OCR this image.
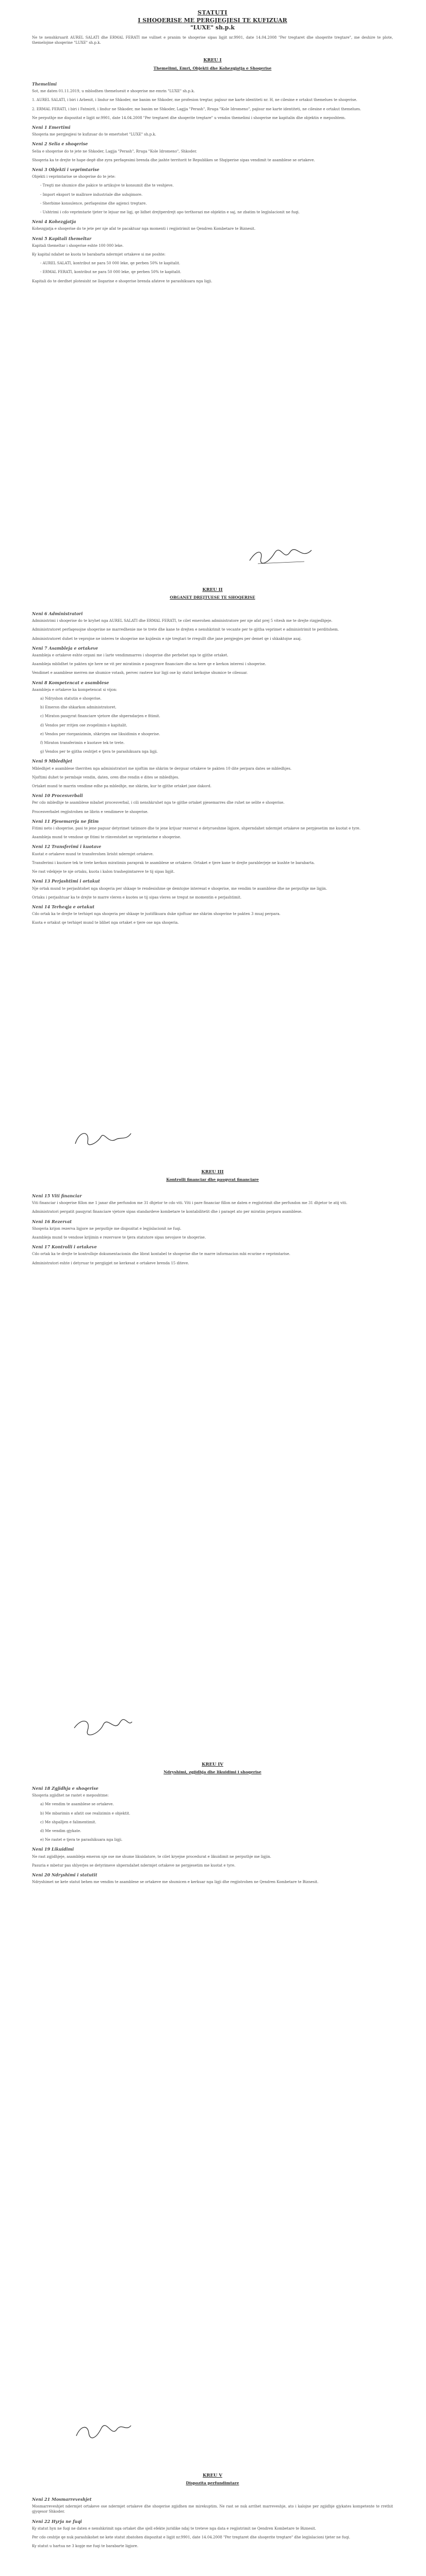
STATUTI
I SHOQERISE ME PERGJEGJESI TE KUFIZUAR
"LUXE" sh.p.k

Ne te nenshkruarit AUREL SALATI dhe ERMAL FERATI me vullnet e pranim te shoqerise sipas ligjit nr.9901, date 14.04.2008 "Per tregtaret dhe shoqerite tregtare", me deshire te plote, themelojme shoqerine "LUXE" sh.p.k.

KREU I
Themelimi, Emri, Objekti dhe Kohezgjatja e Shoqerise
Themelimi

Sot, me daten 01.11.2019, u mblodhen themeluesit e shoqerise me emrin "LUXE" sh.p.k.

1. AUREL SALATI, i biri i Arbenit, i lindur ne Shkoder, me banim ne Shkoder, me profesion tregtar, pajisur me karte identiteti nr. H, ne cilesine e ortakut themelues te shoqerise.

2. ERMAL FERATI, i biri i Fatmirit, i lindur ne Shkoder, me banim ne Shkoder, Lagjja "Perash", Rruga "Kole Idromeno", pajisur me karte identiteti, ne cilesine e ortakut themelues.

Ne perputhje me dispozitat e ligjit nr.9901, date 14.04.2008 "Per tregtaret dhe shoqerite tregtare" u vendos themelimi i shoqerise me kapitalin dhe objektin e meposhtem.

Neni 1 Emertimi

Shoqeria me pergjegjesi te kufizuar do te emertohet "LUXE" sh.p.k.

Neni 2 Selia e shoqerise

Selia e shoqerise do te jete ne Shkoder, Lagjja "Perash", Rruga "Kole Idromeno", Shkoder.

Shoqeria ka te drejte te hape degë dhe zyra perfaqesimi brenda dhe jashte territorit te Republikes se Shqiperise sipas vendimit te asamblese se ortakeve.

Neni 3 Objekti i veprimtarise

Objekti i veprimtarise se shoqerise do te jete:

- Tregti me shumice dhe pakice te artikujve te konsumit dhe te veshjeve.

- Import eksport te mallrave industriale dhe ushqimore.

- Sherbime konsulence, perfaqesime dhe agjenci tregtare.

- Ushtrimi i cdo veprimtarie tjeter te lejuar me ligj, qe lidhet drejtperdrejt apo terthorazi me objektin e saj, ne zbatim te legjislacionit ne fuqi.

Neni 4 Kohezgjatja

Kohezgjatja e shoqerise do te jete per nje afat te pacaktuar nga momenti i regjistrimit ne Qendren Kombetare te Biznesit.

Neni 5 Kapitali themeltar

Kapitali themeltar i shoqerise eshte 100 000 leke.

Ky kapital ndahet ne kuota te barabarta ndermjet ortakeve si me poshte:

- AUREL SALATI, kontribut ne para 50 000 leke, qe perben 50% te kapitalit.

- ERMAL FERATI, kontribut ne para 50 000 leke, qe perben 50% te kapitalit.

Kapitali do te derdhet plotesisht ne llogarine e shoqerise brenda afateve te parashikuara nga ligji.

KREU II
ORGANET DREJTUESE TE SHOQERISE
Neni 6 Administratori

Administrimi i shoqerise do te kryhet nga AUREL SALATI dhe ERMAL FERATI, te cilet emerohen administratore per nje afat prej 5 vitesh me te drejte rizgjedhjeje.

Administratoret perfaqesojne shoqerine ne marredhenie me te trete dhe kane te drejten e nenshkrimit te vecante per te gjitha veprimet e administrimit te perditshem.

Administratoret duhet te veprojne ne interes te shoqerise me kujdesin e nje tregtari te rregullt dhe jane pergjegjes per demet qe i shkaktojne asaj.

Neni 7 Asambleja e ortakeve

Asambleja e ortakeve eshte organi me i larte vendimmarres i shoqerise dhe perbehet nga te gjithe ortaket.

Asambleja mblidhet te pakten nje here ne vit per miratimin e pasqyrave financiare dhe sa here qe e kerkon interesi i shoqerise.

Vendimet e asamblese merren me shumice votash, pervec rasteve kur ligji ose ky statut kerkojne shumice te cilesuar.

Neni 8 Kompetencat e asamblese

Asambleja e ortakeve ka kompetencat si vijon:

a) Ndryshon statutin e shoqerise.

b) Emeron dhe shkarkon administratoret.

c) Miraton pasqyrat financiare vjetore dhe shperndarjen e fitimit.

d) Vendos per rritjen ose zvogelimin e kapitalit.

e) Vendos per riorganizimin, shkrirjen ose likuidimin e shoqerise.

f) Miraton transferimin e kuotave tek te trete.

g) Vendos per te gjitha ceshtjet e tjera te parashikuara nga ligji.

Neni 9 Mbledhjet

Mbledhjet e asamblese therriten nga administratori me njoftim me shkrim te derguar ortakeve te pakten 10 dite perpara dates se mbledhjes.

Njoftimi duhet te permbaje vendin, daten, oren dhe rendin e dites se mbledhjes.

Ortaket mund te marrin vendime edhe pa mbledhje, me shkrim, kur te gjithe ortaket jane dakord.

Neni 10 Procesverbali

Per cdo mbledhje te asamblese mbahet procesverbal, i cili nenshkruhet nga te gjithe ortaket pjesemarres dhe ruhet ne selite e shoqerise.

Procesverbalet regjistrohen ne librin e vendimeve te shoqerise.

Neni 11 Pjesemarrja ne fitim

Fitimi neto i shoqerise, pasi te jene paguar detyrimet tatimore dhe te jene krijuar rezervat e detyrueshme ligjore, shperndahet ndermjet ortakeve ne perpjesetim me kuotat e tyre.

Asambleja mund te vendose qe fitimi te riinvestohet ne veprimtarine e shoqerise.

Neni 12 Transferimi i kuotave

Kuotat e ortakeve mund te transferohen lirisht ndermjet ortakeve.

Transferimi i kuotave tek te trete kerkon miratimin paraprak te asamblese se ortakeve. Ortaket e tjere kane te drejte parablerjeje ne kushte te barabarta.

Ne rast vdekjeje te nje ortaku, kuota i kalon trashegimtareve te tij sipas ligjit.

Neni 13 Perjashtimi i ortakut

Nje ortak mund te perjashtohet nga shoqeria per shkaqe te rendesishme qe demtojne interesat e shoqerise, me vendim te asamblese dhe ne perputhje me ligjin.

Ortaku i perjashtuar ka te drejte te marre vleren e kuotes se tij sipas vleres se tregut ne momentin e perjashtimit.

Neni 14 Terheqja e ortakut

Cdo ortak ka te drejte te terhiqet nga shoqeria per shkaqe te justifikuara duke njoftuar me shkrim shoqerine te pakten 3 muaj perpara.

Kuota e ortakut qe terhiqet mund te blihet nga ortaket e tjere ose nga shoqeria.

KREU III
Kontrolli financiar dhe pasqyrat financiare
Neni 15 Viti financiar

Viti financiar i shoqerise fillon me 1 janar dhe perfundon me 31 dhjetor te cdo viti. Viti i pare financiar fillon ne daten e regjistrimit dhe perfundon me 31 dhjetor te atij viti.

Administratori pergatit pasqyrat financiare vjetore sipas standardeve kombetare te kontabilitetit dhe i paraqet ato per miratim perpara asamblese.

Neni 16 Rezervat

Shoqeria krijon rezerva ligjore ne perputhje me dispozitat e legjislacionit ne fuqi.

Asambleja mund te vendose krijimin e rezervave te tjera statutore sipas nevojave te shoqerise.

Neni 17 Kontrolli i ortakeve

Cdo ortak ka te drejte te kontrolloje dokumentacionin dhe librat kontabel te shoqerise dhe te marre informacion mbi ecurine e veprimtarise.

Administratori eshte i detyruar te pergjigjet ne kerkesat e ortakeve brenda 15 diteve.

KREU IV
Ndryshimi, zgjidhja dhe likuidimi i shoqerise
Neni 18 Zgjidhja e shoqerise

Shoqeria zgjidhet ne rastet e meposhtme:

a) Me vendim te asamblese se ortakeve.

b) Me mbarimin e afatit ose realizimin e objektit.

c) Me shpalljen e falimentimit.

d) Me vendim gjykate.

e) Ne rastet e tjera te parashikuara nga ligji.

Neni 19 Likuidimi

Ne rast zgjidhjeje, asambleja emeron nje ose me shume likuidatore, te cilet kryejne procedurat e likuidimit ne perputhje me ligjin.

Pasuria e mbetur pas shlyerjes se detyrimeve shperndahet ndermjet ortakeve ne perpjesetim me kuotat e tyre.

Neni 20 Ndryshimi i statutit

Ndryshimet ne kete statut behen me vendim te asamblese se ortakeve me shumicen e kerkuar nga ligji dhe regjistrohen ne Qendren Kombetare te Biznesit.

KREU V
Dispozita perfundimtare
Neni 21 Mosmarreveshjet

Mosmarreveshjet ndermjet ortakeve ose ndermjet ortakeve dhe shoqerise zgjidhen me mirekuptim. Ne rast se nuk arrihet marreveshje, ato i kalojne per zgjidhje gjykates kompetente te rrethit gjyqesor Shkoder.

Neni 22 Hyrja ne fuqi

Ky statut hyn ne fuqi ne daten e nenshkrimit nga ortaket dhe sjell efekte juridike ndaj te treteve nga data e regjistrimit ne Qendren Kombetare te Biznesit.

Per cdo ceshtje qe nuk parashikohet ne kete statut zbatohen dispozitat e ligjit nr.9901, date 14.04.2008 "Per tregtaret dhe shoqerite tregtare" dhe legjislacioni tjeter ne fuqi.

Ky statut u hartua ne 3 kopje me fuqi te barabarte ligjore.
